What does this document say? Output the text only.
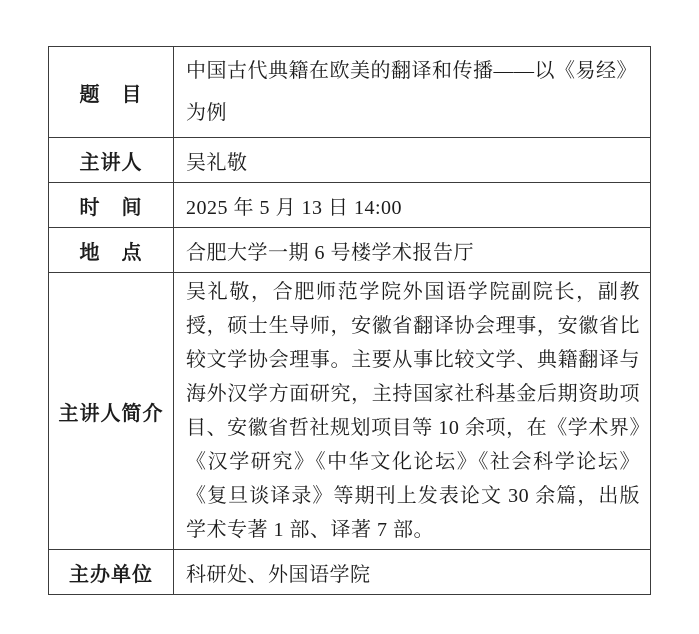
题　目	中国古代典籍在欧美的翻译和传播——以《易经》为例
主讲人	吴礼敬
时　间	2025 年 5 月 13 日 14:00
地　点	合肥大学一期 6 号楼学术报告厅
主讲人简介	吴礼敬，合肥师范学院外国语学院副院长，副教授，硕士生导师，安徽省翻译协会理事，安徽省比较文学协会理事。主要从事比较文学、典籍翻译与海外汉学方面研究，主持国家社科基金后期资助项目、安徽省哲社规划项目等 10 余项，在《学术界》《汉学研究》《中华文化论坛》《社会科学论坛》《复旦谈译录》等期刊上发表论文 30 余篇，出版学术专著 1 部、译著 7 部。
主办单位	科研处、外国语学院
